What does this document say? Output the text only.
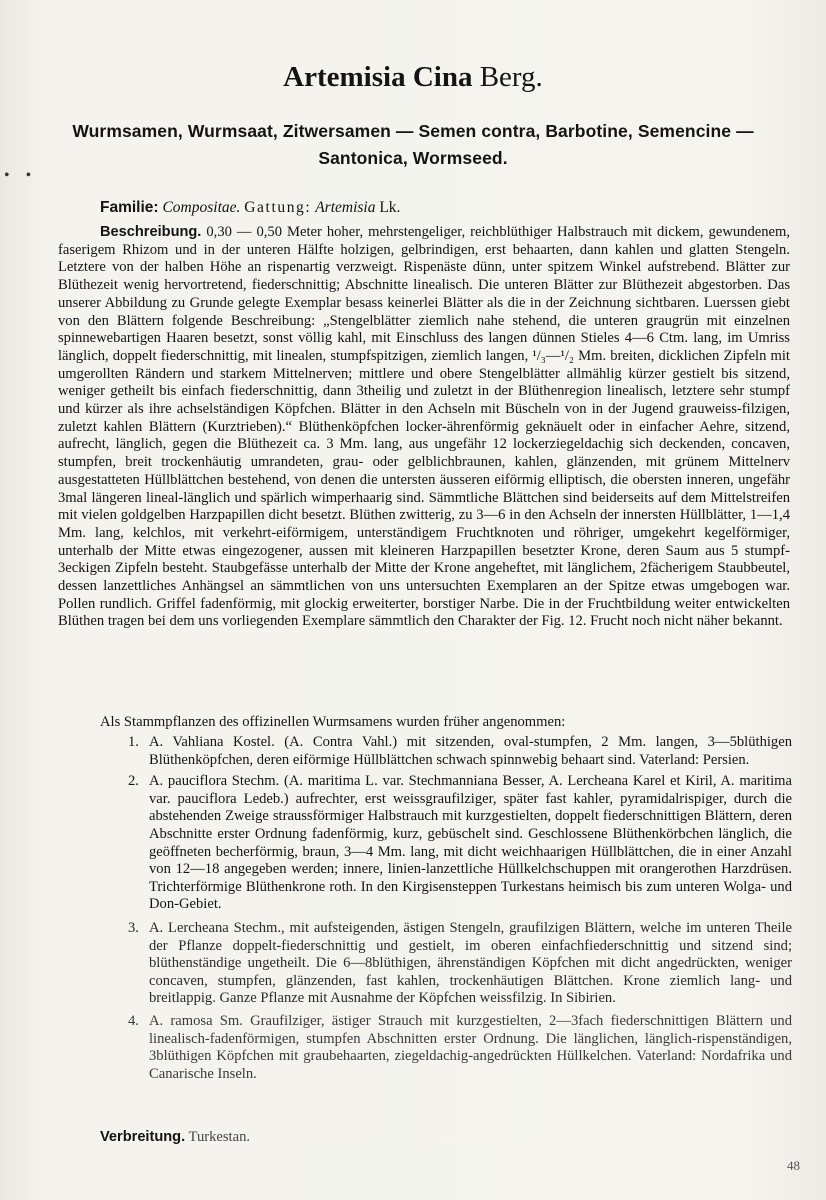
• •
Artemisia Cina Berg.
Wurmsamen, Wurmsaat, Zitwersamen — Semen contra, Barbotine, Semencine — Santonica, Wormseed.
Familie: Compositae. Gattung: Artemisia Lk.
Beschreibung. 0,30 — 0,50 Meter hoher, mehrstengeliger, reichblüthiger Halbstrauch mit dickem, gewundenem, faserigem Rhizom und in der unteren Hälfte holzigen, gelbrindigen, erst behaarten, dann kahlen und glatten Stengeln. Letztere von der halben Höhe an rispenartig verzweigt. Rispenäste dünn, unter spitzem Winkel aufstrebend. Blätter zur Blüthezeit wenig hervortretend, fiederschnittig; Abschnitte linealisch. Die unteren Blätter zur Blüthezeit abgestorben. Das unserer Abbildung zu Grunde gelegte Exemplar besass keinerlei Blätter als die in der Zeichnung sichtbaren. Luerssen giebt von den Blättern folgende Beschreibung: „Stengelblätter ziemlich nahe stehend, die unteren graugrün mit einzelnen spinnewebartigen Haaren besetzt, sonst völlig kahl, mit Einschluss des langen dünnen Stieles 4—6 Ctm. lang, im Umriss länglich, doppelt fiederschnittig, mit linealen, stumpfspitzigen, ziemlich langen, ¹/₃—¹/₂ Mm. breiten, dicklichen Zipfeln mit umgerollten Rändern und starkem Mittelnerven; mittlere und obere Stengelblätter allmählig kürzer gestielt bis sitzend, weniger getheilt bis einfach fiederschnittig, dann 3theilig und zuletzt in der Blüthenregion linealisch, letztere sehr stumpf und kürzer als ihre achselständigen Köpfchen. Blätter in den Achseln mit Büscheln von in der Jugend grauweiss-filzigen, zuletzt kahlen Blättern (Kurztrieben).“ Blüthenköpfchen locker-ährenförmig geknäuelt oder in einfacher Aehre, sitzend, aufrecht, länglich, gegen die Blüthezeit ca. 3 Mm. lang, aus ungefähr 12 lockerziegeldachig sich deckenden, concaven, stumpfen, breit trockenhäutig umrandeten, grau- oder gelblichbraunen, kahlen, glänzenden, mit grünem Mittelnerv ausgestatteten Hüllblättchen bestehend, von denen die untersten äusseren eiförmig elliptisch, die obersten inneren, ungefähr 3mal längeren lineal-länglich und spärlich wimperhaarig sind. Sämmtliche Blättchen sind beiderseits auf dem Mittelstreifen mit vielen goldgelben Harzpapillen dicht besetzt. Blüthen zwitterig, zu 3—6 in den Achseln der innersten Hüllblätter, 1—1,4 Mm. lang, kelchlos, mit verkehrt-eiförmigem, unterständigem Fruchtknoten und röhriger, umgekehrt kegelförmiger, unterhalb der Mitte etwas eingezogener, aussen mit kleineren Harzpapillen besetzter Krone, deren Saum aus 5 stumpf-3eckigen Zipfeln besteht. Staubgefässe unterhalb der Mitte der Krone angeheftet, mit länglichem, 2fächerigem Staubbeutel, dessen lanzettliches Anhängsel an sämmtlichen von uns untersuchten Exemplaren an der Spitze etwas umgebogen war. Pollen rundlich. Griffel fadenförmig, mit glockig erweiterter, borstiger Narbe. Die in der Fruchtbildung weiter entwickelten Blüthen tragen bei dem uns vorliegenden Exemplare sämmtlich den Charakter der Fig. 12. Frucht noch nicht näher bekannt.
Als Stammpflanzen des offizinellen Wurmsamens wurden früher angenommen:
1. A. Vahliana Kostel. (A. Contra Vahl.) mit sitzenden, oval-stumpfen, 2 Mm. langen, 3—5blüthigen Blüthenköpfchen, deren eiförmige Hüllblättchen schwach spinnwebig behaart sind. Vaterland: Persien.
2. A. pauciflora Stechm. (A. maritima L. var. Stechmanniana Besser, A. Lercheana Karel et Kiril, A. maritima var. pauciflora Ledeb.) aufrechter, erst weissgraufilziger, später fast kahler, pyramidalrispiger, durch die abstehenden Zweige straussförmiger Halbstrauch mit kurzgestielten, doppelt fiederschnittigen Blättern, deren Abschnitte erster Ordnung fadenförmig, kurz, gebüschelt sind. Geschlossene Blüthenkörbchen länglich, die geöffneten becherförmig, braun, 3—4 Mm. lang, mit dicht weichhaarigen Hüllblättchen, die in einer Anzahl von 12—18 angegeben werden; innere, linien-lanzettliche Hüllkelchschuppen mit orangerothen Harzdrüsen. Trichterförmige Blüthenkrone roth. In den Kirgisensteppen Turkestans heimisch bis zum unteren Wolga- und Don-Gebiet.
3. A. Lercheana Stechm., mit aufsteigenden, ästigen Stengeln, graufilzigen Blättern, welche im unteren Theile der Pflanze doppelt-fiederschnittig und gestielt, im oberen einfachfiederschnittig und sitzend sind; blüthenständige ungetheilt. Die 6—8blüthigen, ährenständigen Köpfchen mit dicht angedrückten, weniger concaven, stumpfen, glänzenden, fast kahlen, trockenhäutigen Blättchen. Krone ziemlich lang- und breitlappig. Ganze Pflanze mit Ausnahme der Köpfchen weissfilzig. In Sibirien.
4. A. ramosa Sm. Graufilziger, ästiger Strauch mit kurzgestielten, 2—3fach fiederschnittigen Blättern und linealisch-fadenförmigen, stumpfen Abschnitten erster Ordnung. Die länglichen, länglich-rispenständigen, 3blüthigen Köpfchen mit graubehaarten, ziegeldachig-angedrückten Hüllkelchen. Vaterland: Nordafrika und Canarische Inseln.
Verbreitung. Turkestan.
48
